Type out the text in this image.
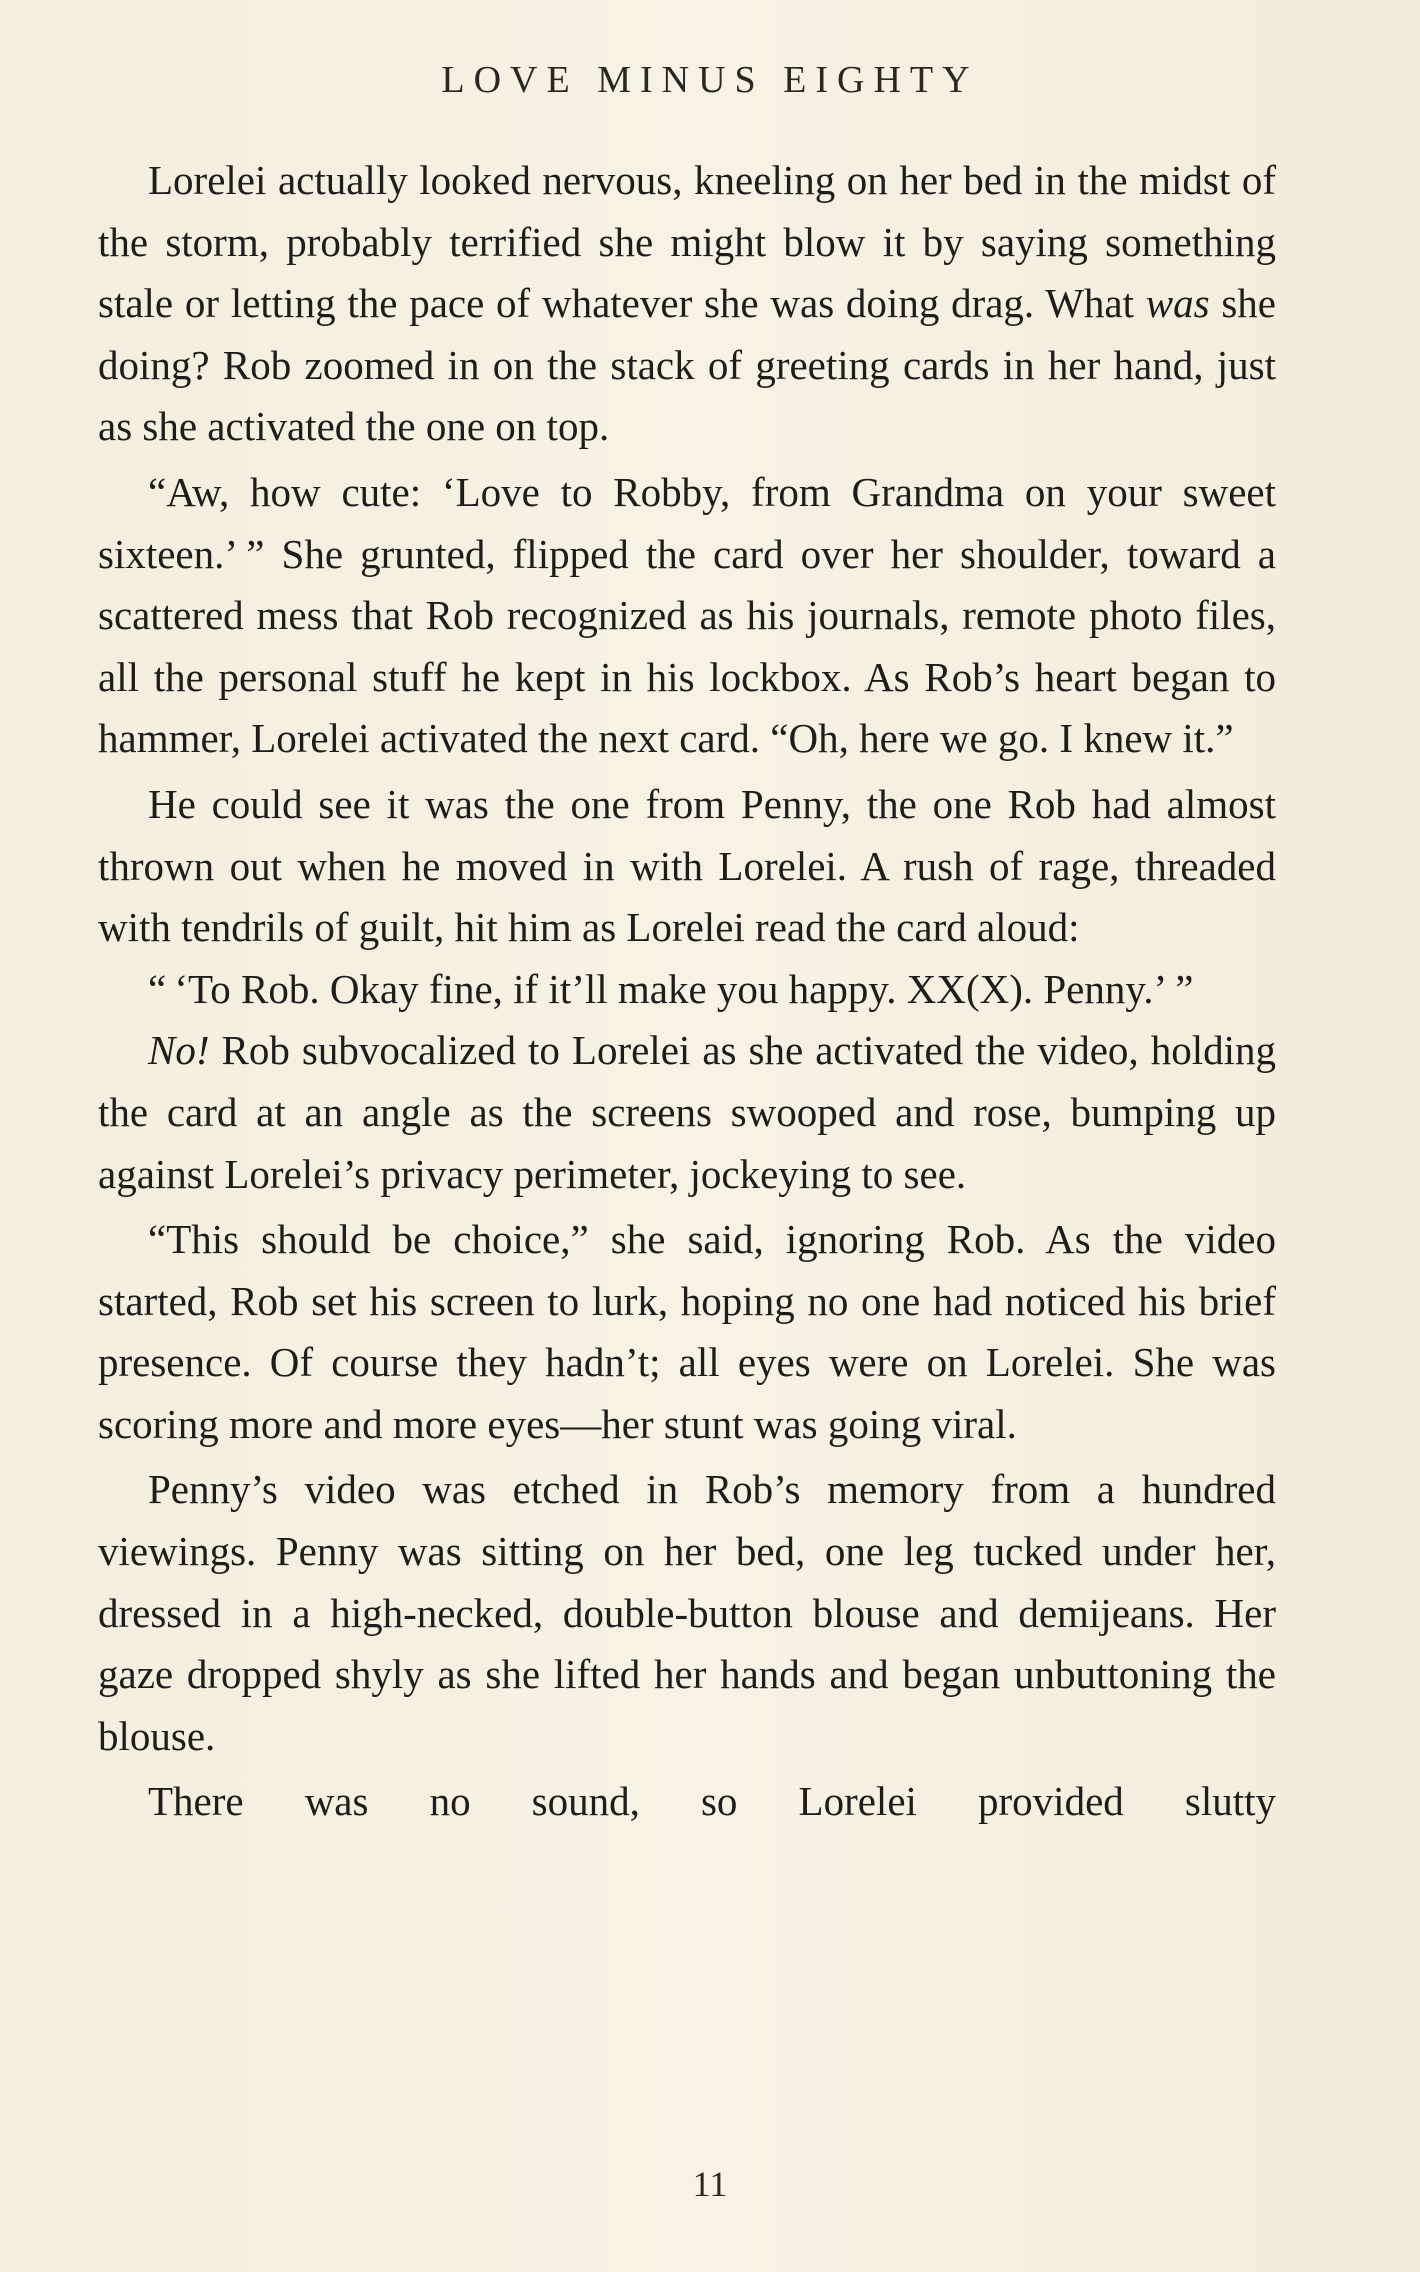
LOVE MINUS EIGHTY

Lorelei actually looked nervous, kneeling on her bed in the midst of the storm, probably terrified she might blow it by saying something stale or letting the pace of whatever she was doing drag. What was she doing? Rob zoomed in on the stack of greeting cards in her hand, just as she activated the one on top.

“Aw, how cute: ‘Love to Robby, from Grandma on your sweet sixteen.’ ” She grunted, flipped the card over her shoulder, toward a scattered mess that Rob recognized as his journals, remote photo files, all the personal stuff he kept in his lockbox. As Rob’s heart began to hammer, Lorelei activated the next card. “Oh, here we go. I knew it.”

He could see it was the one from Penny, the one Rob had almost thrown out when he moved in with Lorelei. A rush of rage, threaded with tendrils of guilt, hit him as Lorelei read the card aloud:

“ ‘To Rob. Okay fine, if it’ll make you happy. XX(X). Penny.’ ”

No! Rob subvocalized to Lorelei as she activated the video, holding the card at an angle as the screens swooped and rose, bumping up against Lorelei’s privacy perimeter, jockeying to see.

“This should be choice,” she said, ignoring Rob. As the video started, Rob set his screen to lurk, hoping no one had noticed his brief presence. Of course they hadn’t; all eyes were on Lorelei. She was scoring more and more eyes—her stunt was going viral.

Penny’s video was etched in Rob’s memory from a hundred viewings. Penny was sitting on her bed, one leg tucked under her, dressed in a high-necked, double-button blouse and demijeans. Her gaze dropped shyly as she lifted her hands and began unbuttoning the blouse.

There was no sound, so Lorelei provided slutty

11
